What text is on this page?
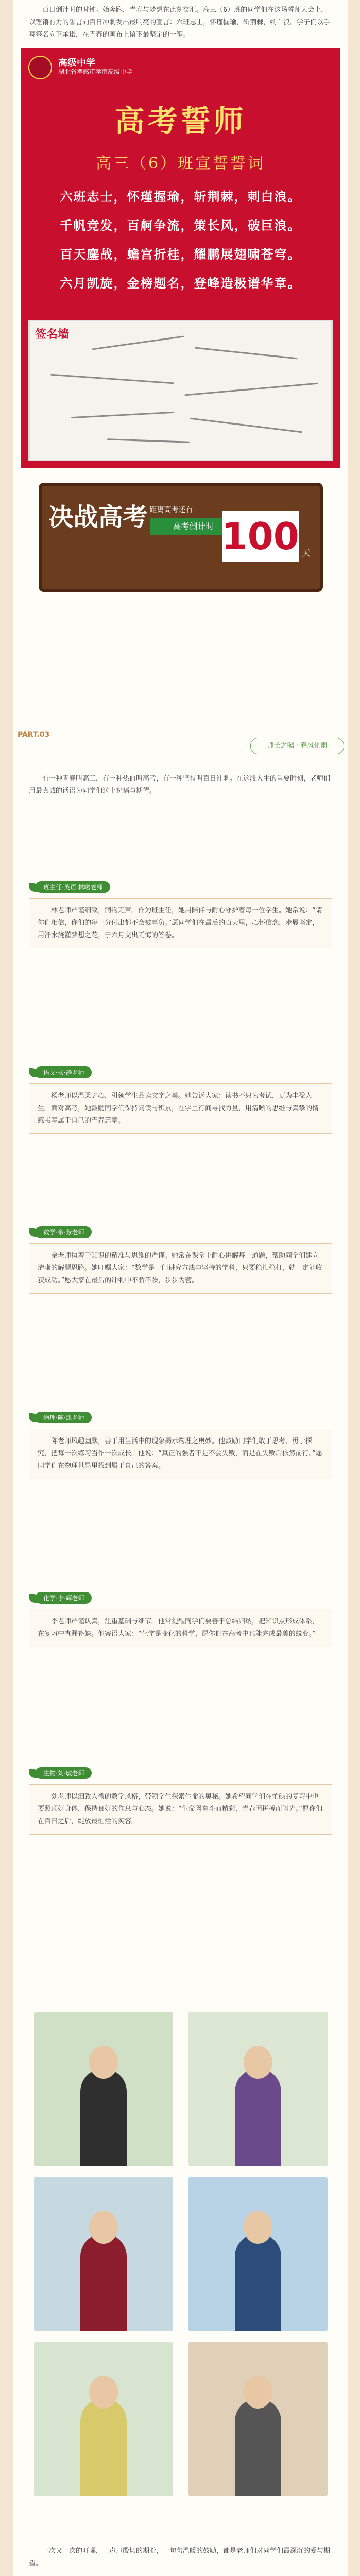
百日倒计时的时钟开始奔跑，青春与梦想在此刻交汇。高三（6）班的同学们在这场誓师大会上，以铿锵有力的誓言向百日冲刺发出最响亮的宣言：六班志士，怀瑾握瑜，斩荆棘，刺白浪。学子们以手写签名立下承诺，在青春的画布上留下最坚定的一笔。

高级中学
湖北省孝感市孝南高级中学
高考誓师
高三（6）班宣誓誓词
六班志士，怀瑾握瑜，斩荆棘，刺白浪。
千帆竞发，百舸争流，策长风，破巨浪。
百天鏖战，蟾宫折桂，耀鹏展翅啸苍穹。
六月凯旋，金榜题名，登峰造极谱华章。
签名墙
决战高考 距离高考还有
高考倒计时 100 天
PART.03
师长之嘱 · 春风化雨

有一种青春叫高三，有一种热血叫高考，有一种坚持叫百日冲刺。在这段人生的重要时刻，老师们用最真诚的话语为同学们送上祝福与期望。

班主任·英语·林曦老师

林老师严谨细致，润物无声。作为班主任，她用陪伴与耐心守护着每一位学生。她常说：“请你们相信，你们的每一分付出都不会被辜负。”愿同学们在最后的百天里，心怀信念，步履坚定，用汗水浇灌梦想之花，于六月交出无悔的答卷。

语文·杨·静老师

杨老师以温柔之心，引领学生品读文字之美。她告诉大家：读书不只为考试，更为丰盈人生。面对高考，她鼓励同学们保持阅读与积累，在字里行间寻找力量，用清晰的思维与真挚的情感书写属于自己的青春篇章。

数学·余·芳老师

余老师执着于知识的精准与思维的严谨。她常在课堂上耐心讲解每一道题，帮助同学们建立清晰的解题思路。她叮嘱大家：“数学是一门讲究方法与坚持的学科，只要稳扎稳打，就一定能收获成功。”愿大家在最后的冲刺中不骄不躁，步步为营。

物理·陈·凯老师

陈老师风趣幽默，善于用生活中的现象揭示物理之奥妙。他鼓励同学们敢于思考、勇于探究，把每一次练习当作一次成长。他说：“真正的强者不是不会失败，而是在失败后依然前行。”愿同学们在物理世界里找到属于自己的答案。

化学·李·辉老师

李老师严谨认真，注重基础与细节。他常提醒同学们要善于总结归纳，把知识点形成体系，在复习中查漏补缺。他寄语大家：“化学是变化的科学，愿你们在高考中也能完成最美的蜕变。”

生物·刘·敏老师

刘老师以细致入微的教学风格，带领学生探索生命的奥秘。她希望同学们在忙碌的复习中也要照顾好身体，保持良好的作息与心态。她说：“生命因奋斗而精彩，青春因拼搏而闪光。”愿你们在百日之后，绽放最灿烂的笑容。

一次又一次的叮嘱，一声声殷切的期盼，一句句温暖的鼓励，都是老师们对同学们最深沉的爱与期望。
